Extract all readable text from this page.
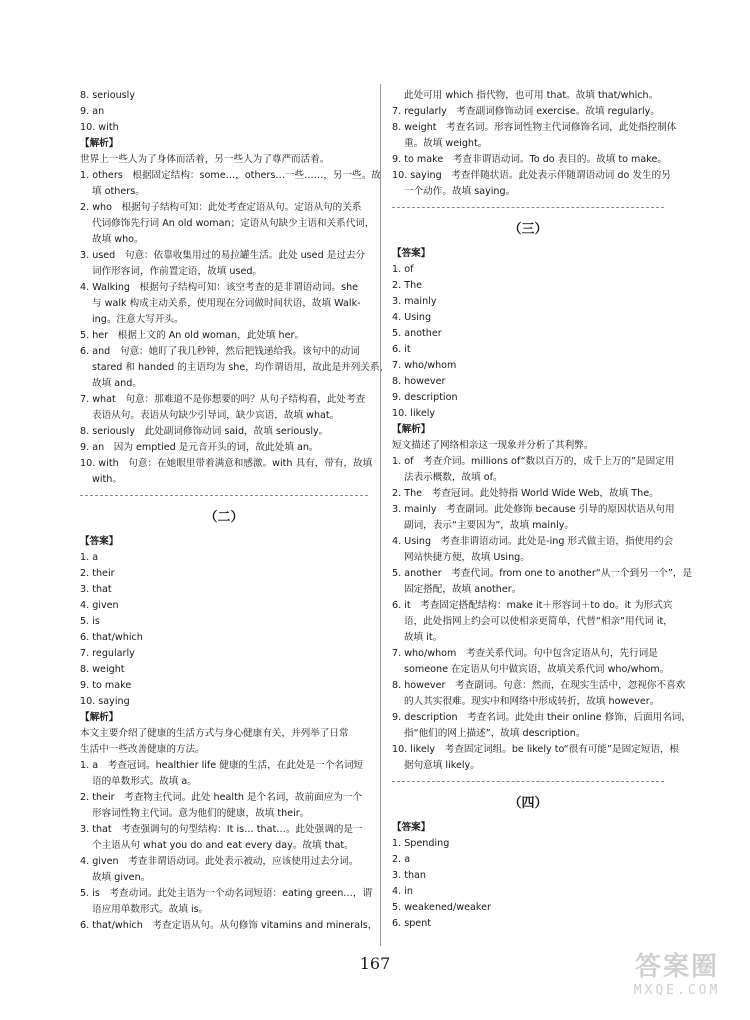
8. seriously
9. an
10. with
【解析】
世界上一些人为了身体而活着，另一些人为了尊严而活着。
1. others　根据固定结构：some…，others…一些……，另一些。故
填 others。
2. who　根据句子结构可知：此处考查定语从句。定语从句的关系
代词修饰先行词 An old woman；定语从句缺少主语和关系代词，
故填 who。
3. used　句意：依靠收集用过的易拉罐生活。此处 used 是过去分
词作形容词，作前置定语，故填 used。
4. Walking　根据句子结构可知：该空考查的是非谓语动词。she
与 walk 构成主动关系，使用现在分词做时间状语，故填 Walk-
ing。注意大写开头。
5. her　根据上文的 An old woman，此处填 her。
6. and　句意：她盯了我几秒钟，然后把钱递给我。该句中的动词
stared 和 handed 的主语均为 she，均作谓语用，故此是并列关系，
故填 and。
7. what　句意：那难道不是你想要的吗？从句子结构看，此处考查
表语从句。表语从句缺少引导词，缺少宾语，故填 what。
8. seriously　此处副词修饰动词 said，故填 seriously。
9. an　因为 emptied 是元音开头的词，故此处填 an。
10. with　句意：在她眼里带着满意和感激。with 具有，带有，故填
with。
（二）
【答案】
1. a
2. their
3. that
4. given
5. is
6. that/which
7. regularly
8. weight
9. to make
10. saying
【解析】
本文主要介绍了健康的生活方式与身心健康有关，并列举了日常
生活中一些改善健康的方法。
1. a　考查冠词。healthier life 健康的生活，在此处是一个名词短
语的单数形式。故填 a。
2. their　考查物主代词。此处 health 是个名词，故前面应为一个
形容词性物主代词。意为他们的健康，故填 their。
3. that　考查强调句的句型结构：It is… that…。此处强调的是一
个主语从句 what you do and eat every day。故填 that。
4. given　考查非谓语动词。此处表示被动，应该使用过去分词。
故填 given。
5. is　考查动词。此处主语为一个动名词短语：eating green…，谓
语应用单数形式。故填 is。
6. that/which　考查定语从句。从句修饰 vitamins and minerals，
此处可用 which 指代物，也可用 that。故填 that/which。
7. regularly　考查副词修饰动词 exercise。故填 regularly。
8. weight　考查名词。形容词性物主代词修饰名词，此处指控制体
重。故填 weight。
9. to make　考查非谓语动词。To do 表目的。故填 to make。
10. saying　考查伴随状语。此处表示伴随谓语动词 do 发生的另
一个动作。故填 saying。
（三）
【答案】
1. of
2. The
3. mainly
4. Using
5. another
6. it
7. who/whom
8. however
9. description
10. likely
【解析】
短文描述了网络相亲这一现象并分析了其利弊。
1. of　考查介词。millions of“数以百万的，成千上万的”是固定用
法表示概数，故填 of。
2. The　考查冠词。此处特指 World Wide Web，故填 The。
3. mainly　考查副词。此处修饰 because 引导的原因状语从句用
副词，表示“主要因为”，故填 mainly。
4. Using　考查非谓语动词。此处是-ing 形式做主语，指使用约会
网站快捷方便，故填 Using。
5. another　考查代词。from one to another“从一个到另一个”，是
固定搭配，故填 another。
6. it　考查固定搭配结构：make it＋形容词＋to do。it 为形式宾
语，此处指网上约会可以使相亲更简单，代替“相亲”用代词 it，
故填 it。
7. who/whom　考查关系代词。句中包含定语从句，先行词是
someone 在定语从句中做宾语，故填关系代词 who/whom。
8. however　考查副词。句意：然而，在现实生活中，忽视你不喜欢
的人其实很难。现实中和网络中形成转折，故填 however。
9. description　考查名词。此处由 their online 修饰，后面用名词，
指“他们的网上描述”，故填 description。
10. likely　考查固定词组。be likely to“很有可能”是固定短语，根
据句意填 likely。
（四）
【答案】
1. Spending
2. a
3. than
4. in
5. weakened/weaker
6. spent
167	答案圈
MXQE.COM
